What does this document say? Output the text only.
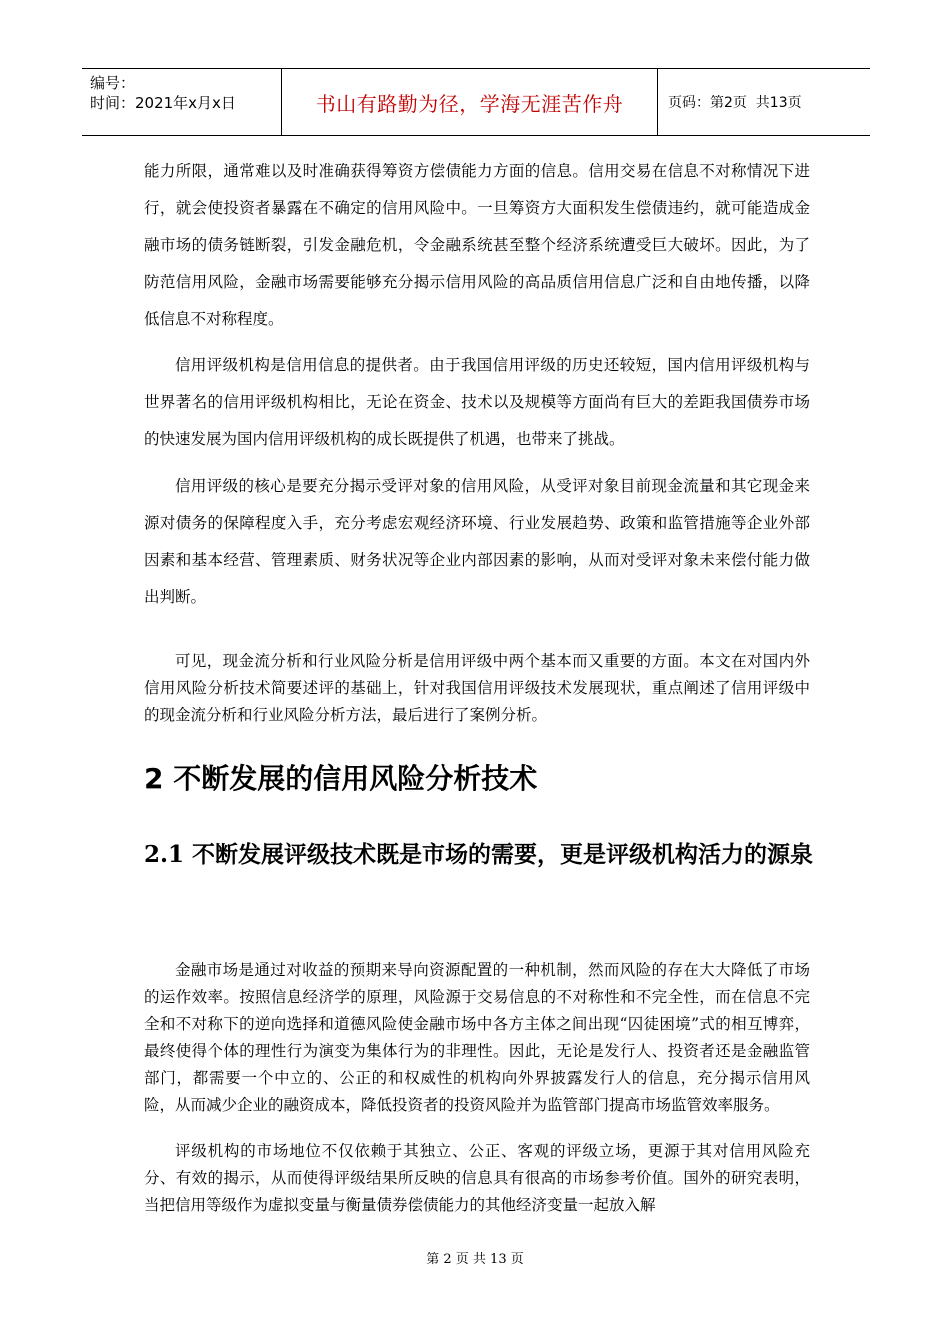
编号：
时间：2021年x月x日	书山有路勤为径，学海无涯苦作舟	页码：第2页  共13页

能力所限，通常难以及时准确获得筹资方偿债能力方面的信息。信用交易在信息不对称情况下进行，就会使投资者暴露在不确定的信用风险中。一旦筹资方大面积发生偿债违约，就可能造成金融市场的债务链断裂，引发金融危机，令金融系统甚至整个经济系统遭受巨大破坏。因此，为了防范信用风险，金融市场需要能够充分揭示信用风险的高品质信用信息广泛和自由地传播，以降低信息不对称程度。

信用评级机构是信用信息的提供者。由于我国信用评级的历史还较短，国内信用评级机构与世界著名的信用评级机构相比，无论在资金、技术以及规模等方面尚有巨大的差距我国债券市场的快速发展为国内信用评级机构的成长既提供了机遇，也带来了挑战。

信用评级的核心是要充分揭示受评对象的信用风险，从受评对象目前现金流量和其它现金来源对债务的保障程度入手，充分考虑宏观经济环境、行业发展趋势、政策和监管措施等企业外部因素和基本经营、管理素质、财务状况等企业内部因素的影响，从而对受评对象未来偿付能力做出判断。

可见，现金流分析和行业风险分析是信用评级中两个基本而又重要的方面。本文在对国内外信用风险分析技术简要述评的基础上，针对我国信用评级技术发展现状，重点阐述了信用评级中的现金流分析和行业风险分析方法，最后进行了案例分析。

2 不断发展的信用风险分析技术
2.1 不断发展评级技术既是市场的需要，更是评级机构活力的源泉

金融市场是通过对收益的预期来导向资源配置的一种机制，然而风险的存在大大降低了市场的运作效率。按照信息经济学的原理，风险源于交易信息的不对称性和不完全性，而在信息不完全和不对称下的逆向选择和道德风险使金融市场中各方主体之间出现“囚徒困境”式的相互博弈，最终使得个体的理性行为演变为集体行为的非理性。因此，无论是发行人、投资者还是金融监管部门，都需要一个中立的、公正的和权威性的机构向外界披露发行人的信息，充分揭示信用风险，从而减少企业的融资成本，降低投资者的投资风险并为监管部门提高市场监管效率服务。

评级机构的市场地位不仅依赖于其独立、公正、客观的评级立场，更源于其对信用风险充分、有效的揭示，从而使得评级结果所反映的信息具有很高的市场参考价值。国外的研究表明，当把信用等级作为虚拟变量与衡量债券偿债能力的其他经济变量一起放入解

第 2 页 共 13 页
